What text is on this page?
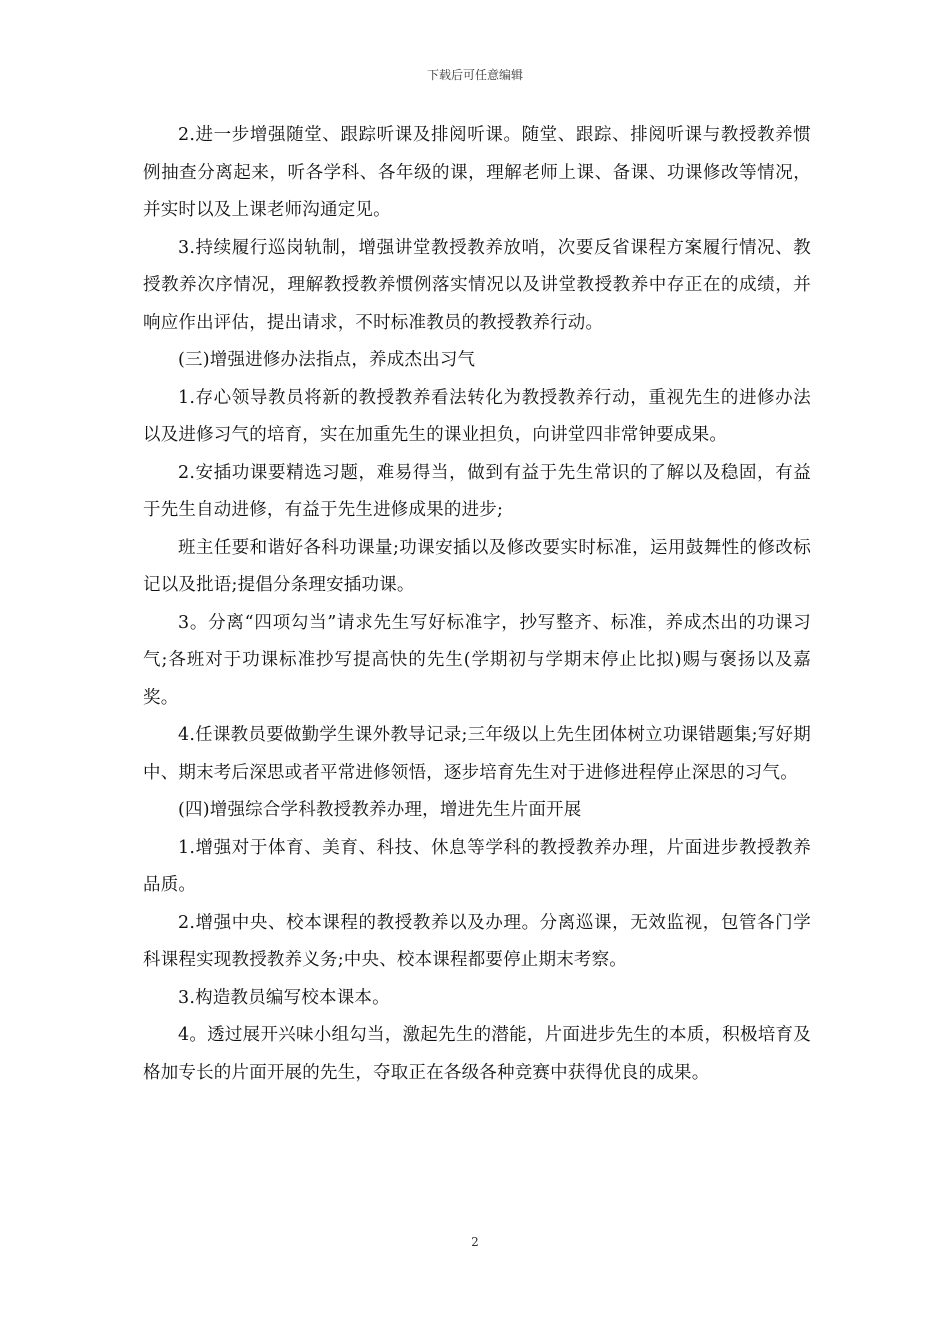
下载后可任意编辑

2.进一步增强随堂、跟踪听课及排阅听课。随堂、跟踪、排阅听课与教授教养惯例抽查分离起来，听各学科、各年级的课，理解老师上课、备课、功课修改等情况，并实时以及上课老师沟通定见。

3.持续履行巡岗轨制，增强讲堂教授教养放哨，次要反省课程方案履行情况、教授教养次序情况，理解教授教养惯例落实情况以及讲堂教授教养中存正在的成绩，并响应作出评估，提出请求，不时标准教员的教授教养行动。

(三)增强进修办法指点，养成杰出习气

1.存心领导教员将新的教授教养看法转化为教授教养行动，重视先生的进修办法以及进修习气的培育，实在加重先生的课业担负，向讲堂四非常钟要成果。

2.安插功课要精选习题，难易得当，做到有益于先生常识的了解以及稳固，有益于先生自动进修，有益于先生进修成果的进步;

班主任要和谐好各科功课量;功课安插以及修改要实时标准，运用鼓舞性的修改标记以及批语;提倡分条理安插功课。

3。分离“四项勾当”请求先生写好标准字，抄写整齐、标准，养成杰出的功课习气;各班对于功课标准抄写提高快的先生(学期初与学期末停止比拟)赐与褒扬以及嘉奖。

4.任课教员要做勤学生课外教导记录;三年级以上先生团体树立功课错题集;写好期中、期末考后深思或者平常进修领悟，逐步培育先生对于进修进程停止深思的习气。

(四)增强综合学科教授教养办理，增进先生片面开展

1.增强对于体育、美育、科技、休息等学科的教授教养办理，片面进步教授教养品质。

2.增强中央、校本课程的教授教养以及办理。分离巡课，无效监视，包管各门学科课程实现教授教养义务;中央、校本课程都要停止期末考察。

3.构造教员编写校本课本。

4。透过展开兴味小组勾当，激起先生的潜能，片面进步先生的本质，积极培育及格加专长的片面开展的先生，夺取正在各级各种竞赛中获得优良的成果。

2
